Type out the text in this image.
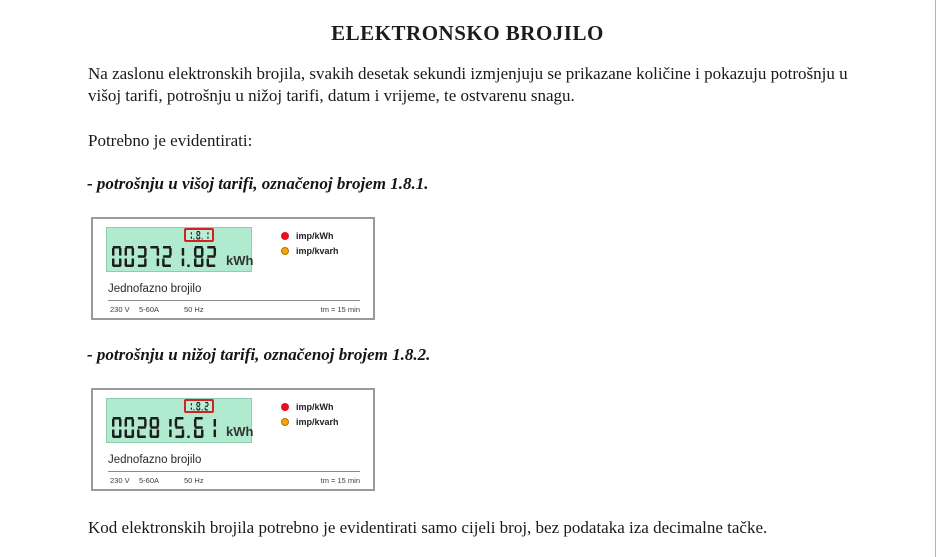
ELEKTRONSKO BROJILO
Na zaslonu elektronskih brojila, svakih desetak sekundi izmjenjuju se prikazane količine i pokazuju potrošnju u višoj tarifi, potrošnju u nižoj tarifi, datum i vrijeme, te ostvarenu snagu.
Potrebno je evidentirati:
- potrošnju u višoj tarifi, označenoj brojem 1.8.1.
kWh
imp/kWh
imp/kvarh
Jednofazno brojilo
230 V 5-60A	50 Hz	tm = 15 min
- potrošnju u nižoj tarifi, označenoj brojem 1.8.2.
kWh
imp/kWh
imp/kvarh
Jednofazno brojilo
230 V 5-60A	50 Hz	tm = 15 min
Kod elektronskih brojila potrebno je evidentirati samo cijeli broj, bez podataka iza decimalne tačke.
